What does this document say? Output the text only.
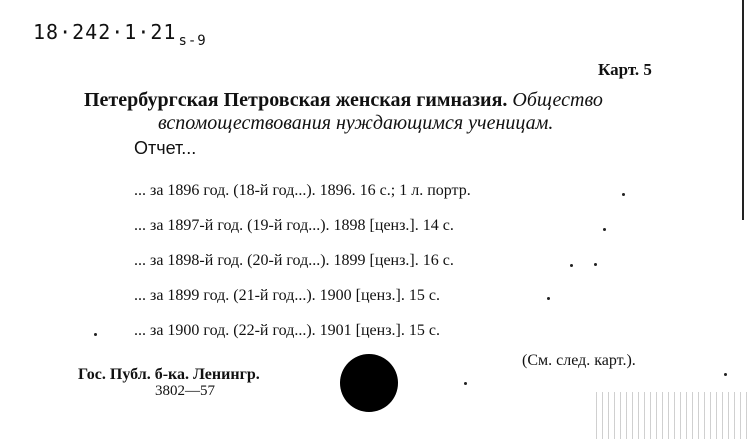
18·242·1·21 $_{s-9}$
Карт. 5
Петербургская Петровская женская гимназия. Общество
вспомоществования нуждающимся ученицам.
Отчет...
... за 1896 год. (18-й год...). 1896. 16 с.; 1 л. портр.
... за 1897-й год. (19-й год...). 1898 [ценз.]. 14 с.
... за 1898-й год. (20-й год...). 1899 [ценз.]. 16 с.
... за 1899 год. (21-й год...). 1900 [ценз.]. 15 с.
... за 1900 год. (22-й год...). 1901 [ценз.]. 15 с.
Гос. Публ. б-ка. Ленингр.
3802—57
(См. след. карт.).
